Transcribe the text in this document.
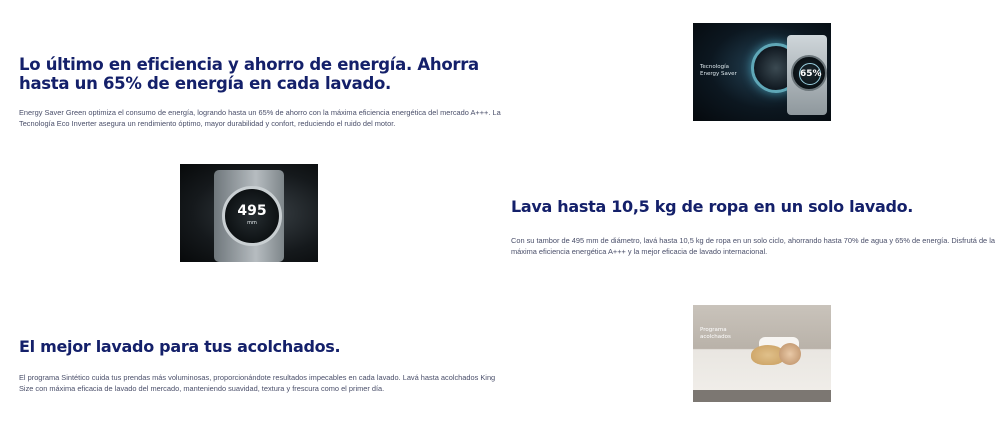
Lo último en eficiencia y ahorro de energía. Ahorra hasta un 65% de energía en cada lavado.

Energy Saver Green optimiza el consumo de energía, logrando hasta un 65% de ahorro con la máxima eficiencia energética del mercado A+++. La Tecnología Eco Inverter asegura un rendimiento óptimo, mayor durabilidad y confort, reduciendo el ruido del motor.

Tecnología
Energy Saver	65%
495
mm
Lava hasta 10,5 kg de ropa en un solo lavado.

Con su tambor de 495 mm de diámetro, lavá hasta 10,5 kg de ropa en un solo ciclo, ahorrando hasta 70% de agua y 65% de energía. Disfrutá de la máxima eficiencia energética A+++ y la mejor eficacia de lavado internacional.

El mejor lavado para tus acolchados.

El programa Sintético cuida tus prendas más voluminosas, proporcionándote resultados impecables en cada lavado. Lavá hasta acolchados King Size con máxima eficacia de lavado del mercado, manteniendo suavidad, textura y frescura como el primer día.

Programa
acolchados
